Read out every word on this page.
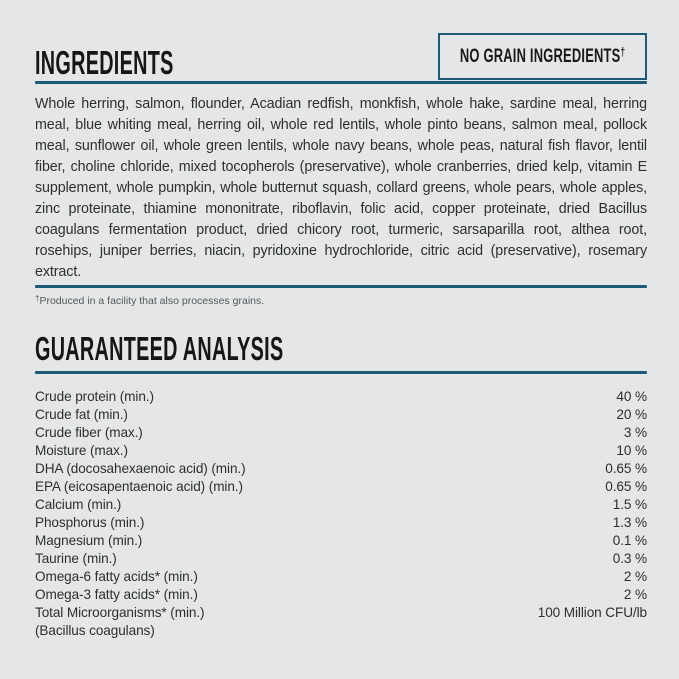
INGREDIENTS	NO GRAIN INGREDIENTS†

Whole herring, salmon, flounder, Acadian redfish, monkfish, whole hake, sardine meal, herring meal, blue whiting meal, herring oil, whole red lentils, whole pinto beans, salmon meal, pollock meal, sunflower oil, whole green lentils, whole navy beans, whole peas, natural fish flavor, lentil fiber, choline chloride, mixed tocopherols (preservative), whole cranberries, dried kelp, vitamin E supplement, whole pumpkin, whole butternut squash, collard greens, whole pears, whole apples, zinc proteinate, thiamine mononitrate, riboflavin, folic acid, copper proteinate, dried Bacillus coagulans fermentation product, dried chicory root, turmeric, sarsaparilla root, althea root, rosehips, juniper berries, niacin, pyridoxine hydrochloride, citric acid (preservative), rosemary extract.

†Produced in a facility that also processes grains.

GUARANTEED ANALYSIS
Crude protein (min.)	40 %
Crude fat (min.)	20 %
Crude fiber (max.)	3 %
Moisture (max.)	10 %
DHA (docosahexaenoic acid) (min.)	0.65 %
EPA (eicosapentaenoic acid) (min.)	0.65 %
Calcium (min.)	1.5 %
Phosphorus (min.)	1.3 %
Magnesium (min.)	0.1 %
Taurine (min.)	0.3 %
Omega-6 fatty acids* (min.)	2 %
Omega-3 fatty acids* (min.)	2 %
Total Microorganisms* (min.)	100 Million CFU/lb
(Bacillus coagulans)
